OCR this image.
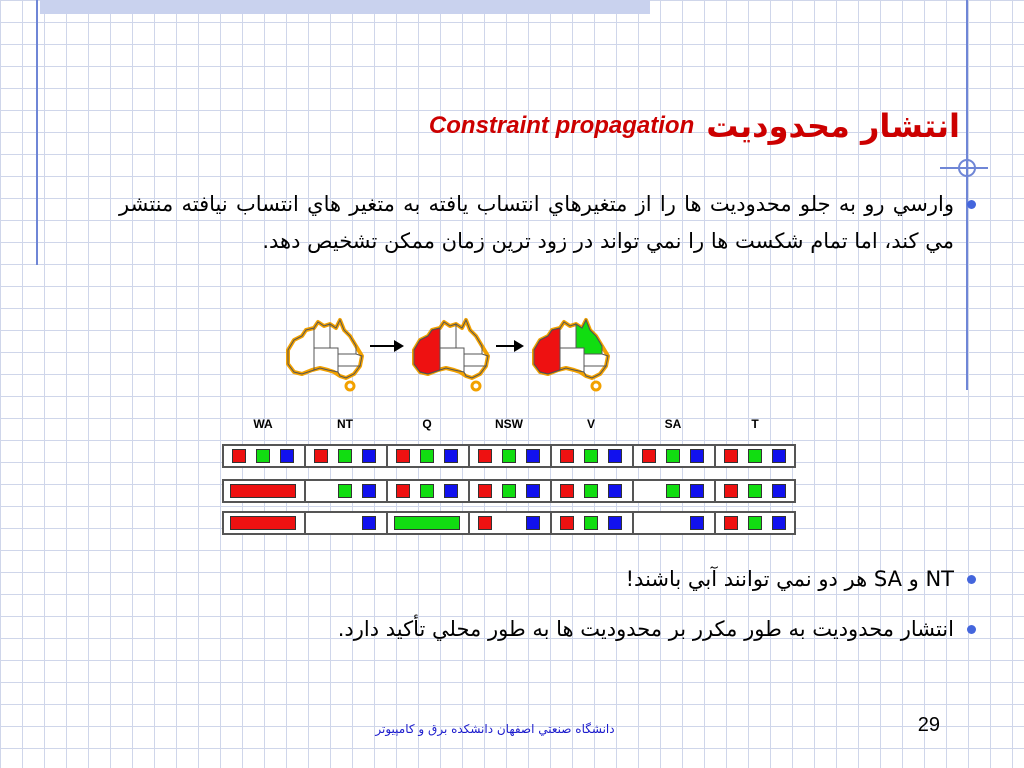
انتشار محدوديت
Constraint propagation
وارسي رو به جلو محدوديت ها را از متغيرهاي انتساب يافته به متغير هاي انتساب نيافته منتشر مي کند، اما تمام شکست ها را نمي تواند در زود ترين زمان ممکن تشخيص دهد.
WA	NT	Q	NSW	V	SA	T
NT و SA هر دو نمي توانند آبي باشند!
انتشار محدوديت به طور مکرر بر محدوديت ها به طور محلي تأکيد دارد.
دانشگاه صنعتي اصفهان دانشکده برق و کامپيوتر	29
